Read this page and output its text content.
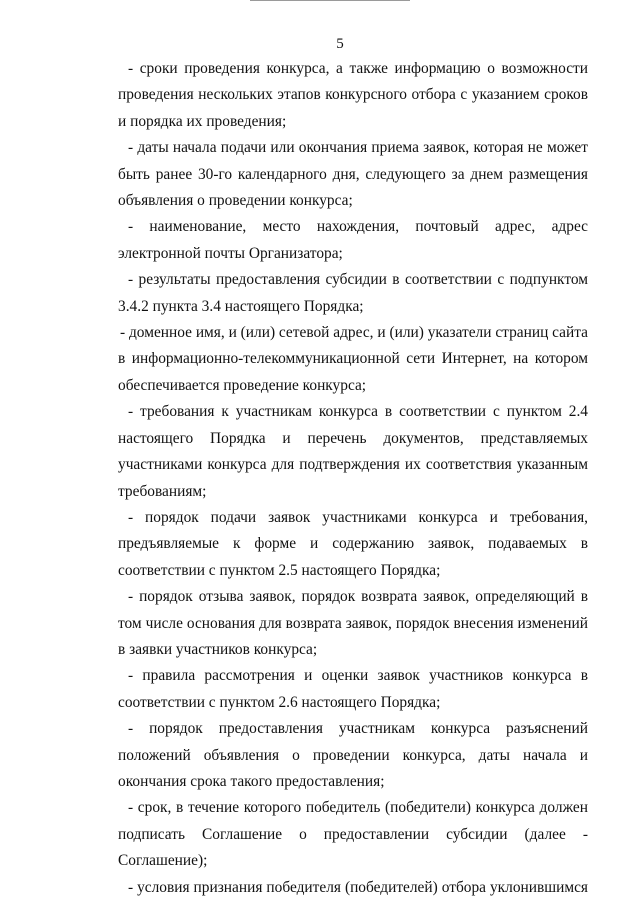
5

- сроки проведения конкурса, а также информацию о возможности проведения нескольких этапов конкурсного отбора с указанием сроков и порядка их проведения;

- даты начала подачи или окончания приема заявок, которая не может быть ранее 30-го календарного дня, следующего за днем размещения объявления о проведении конкурса;

- наименование, место нахождения, почтовый адрес, адрес электронной почты Организатора;

- результаты предоставления субсидии в соответствии с подпунктом 3.4.2 пункта 3.4 настоящего Порядка;

- доменное имя, и (или) сетевой адрес, и (или) указатели страниц сайта в информационно-телекоммуникационной сети Интернет, на котором обеспечивается проведение конкурса;

- требования к участникам конкурса в соответствии с пунктом 2.4 настоящего Порядка и перечень документов, представляемых участниками конкурса для подтверждения их соответствия указанным требованиям;

- порядок подачи заявок участниками конкурса и требования, предъявляемые к форме и содержанию заявок, подаваемых в соответствии с пунктом 2.5 настоящего Порядка;

- порядок отзыва заявок, порядок возврата заявок, определяющий в том числе основания для возврата заявок, порядок внесения изменений в заявки участников конкурса;

- правила рассмотрения и оценки заявок участников конкурса в соответствии с пунктом 2.6 настоящего Порядка;

- порядок предоставления участникам конкурса разъяснений положений объявления о проведении конкурса, даты начала и окончания срока такого предоставления;

- срок, в течение которого победитель (победители) конкурса должен подписать Соглашение о предоставлении субсидии (далее - Соглашение);

- условия признания победителя (победителей) отбора уклонившимся
